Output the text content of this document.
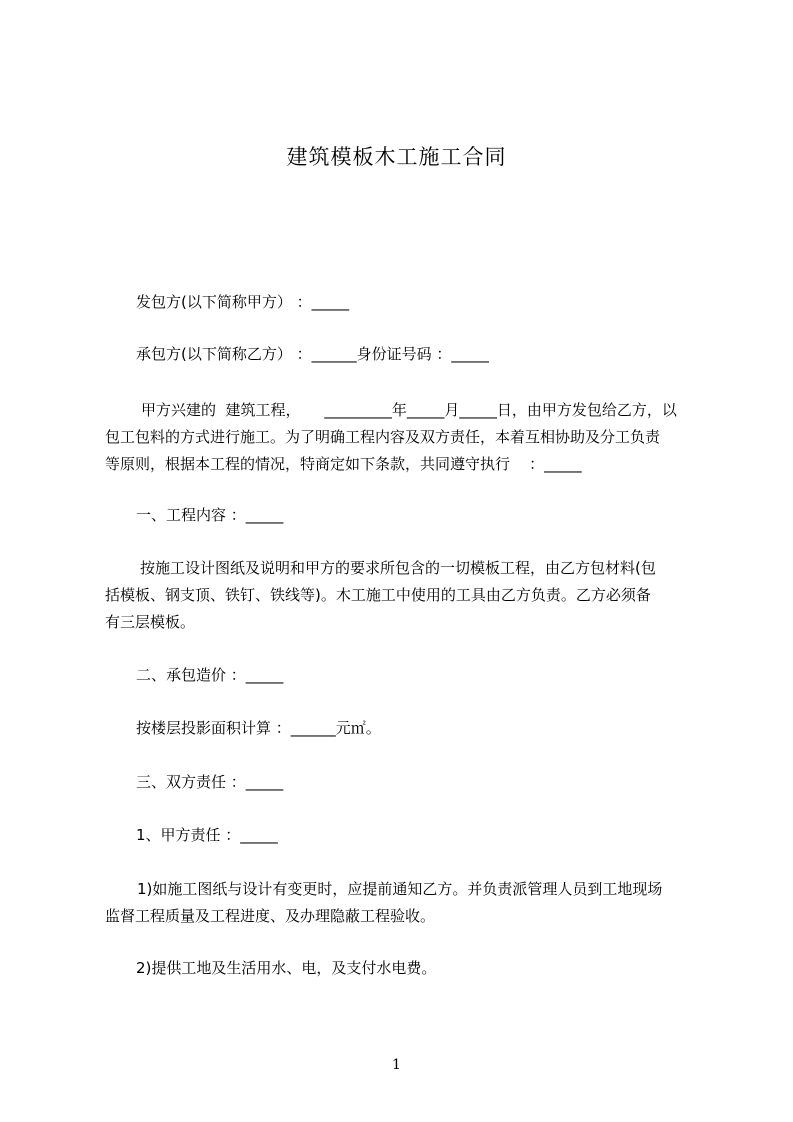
建筑模板木工施工合同
发包方(以下简称甲方） ：_____
承包方(以下简称乙方） ：______身份证号码 ：_____
甲方兴建的  建筑工程，     _________年_____月_____日，由甲方发包给乙方，以
包工包料的方式进行施工。为了明确工程内容及双方责任，本着互相协助及分工负责
等原则，根据本工程的情况，特商定如下条款，共同遵守执行    ：_____
一、工程内容 ：_____
按施工设计图纸及说明和甲方的要求所包含的一切模板工程，由乙方包材料(包
括模板、钢支顶、铁钉、铁线等)。木工施工中使用的工具由乙方负责。乙方必须备
有三层模板。
二、承包造价 ：_____
按楼层投影面积计算 ：______元㎡。
三、双方责任 ：_____
1、甲方责任 ：_____
1)如施工图纸与设计有变更时，应提前通知乙方。并负责派管理人员到工地现场
监督工程质量及工程进度、及办理隐蔽工程验收。
2)提供工地及生活用水、电，及支付水电费。
1
